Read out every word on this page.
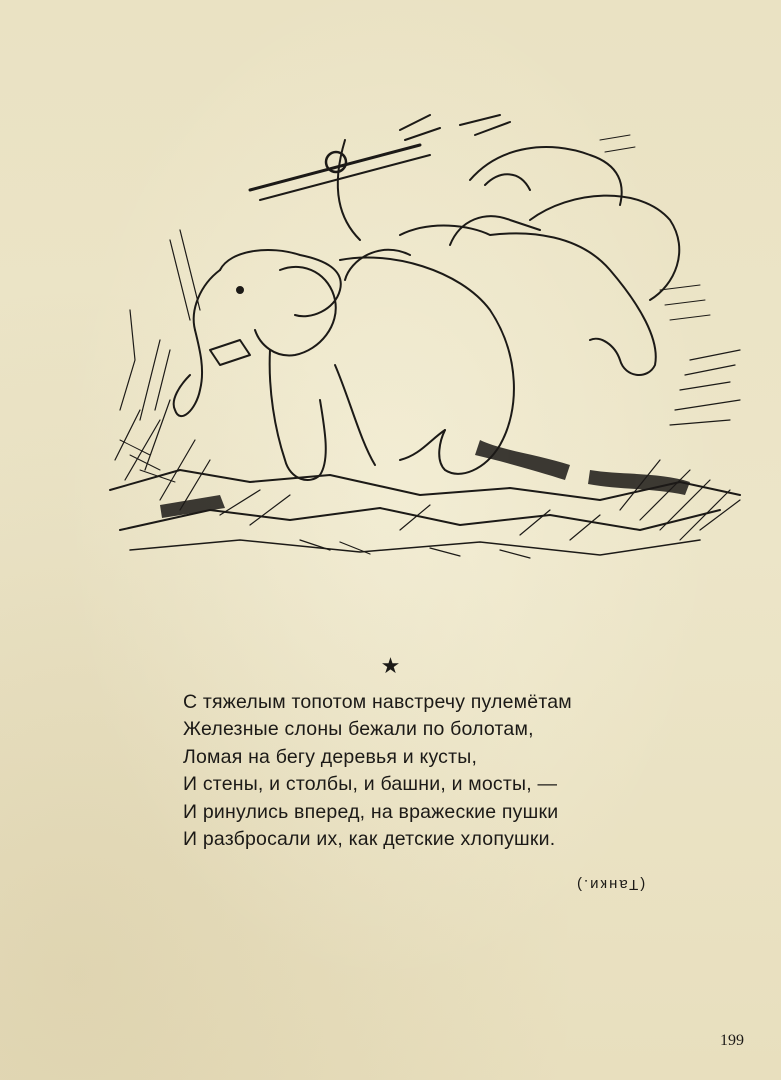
★
С тяжелым топотом навстречу пулемётам
Железные слоны бежали по болотам,
Ломая на бегу деревья и кусты,
И стены, и столбы, и башни, и мосты, —
И ринулись вперед, на вражеские пушки
И разбросали их, как детские хлопушки.
(Танки.)
199
